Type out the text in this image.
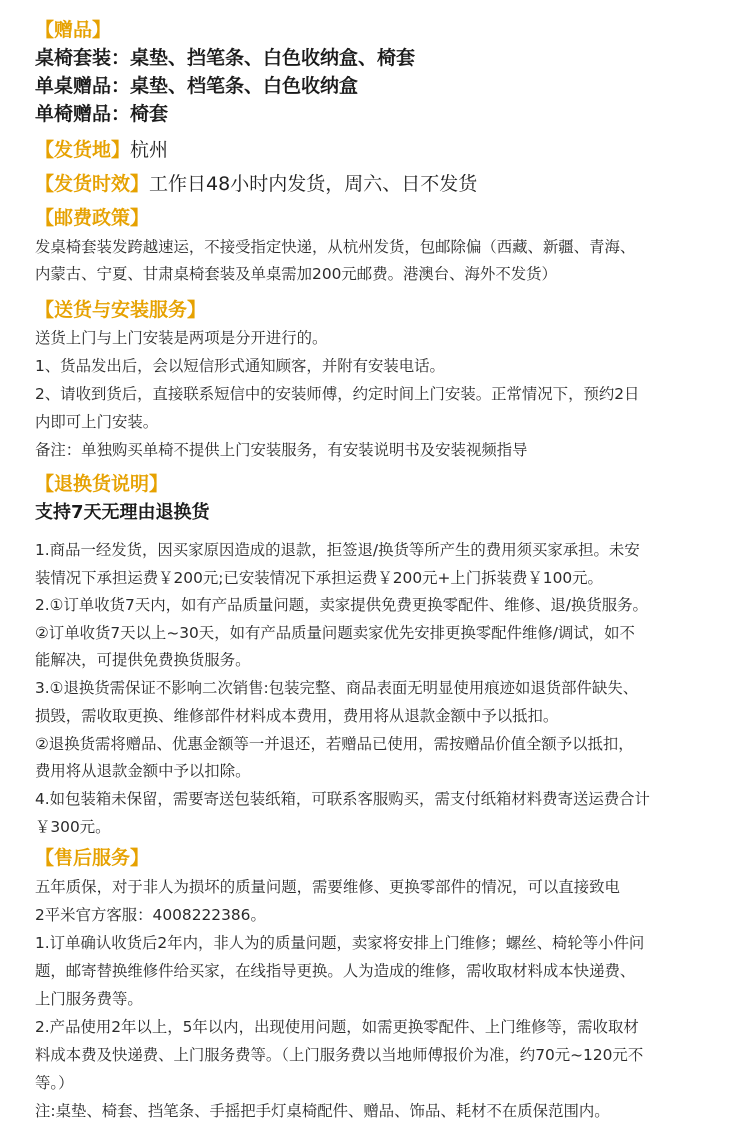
【赠品】
桌椅套装：桌垫、挡笔条、白色收纳盒、椅套
单桌赠品：桌垫、档笔条、白色收纳盒
单椅赠品：椅套
【发货地】杭州
【发货时效】工作日48小时内发货，周六、日不发货
【邮费政策】
发桌椅套装发跨越速运，不接受指定快递，从杭州发货，包邮除偏（西藏、新疆、青海、
内蒙古、宁夏、甘肃桌椅套装及单桌需加200元邮费。港澳台、海外不发货）
【送货与安装服务】
送货上门与上门安装是两项是分开进行的。
1、货品发出后，会以短信形式通知顾客，并附有安装电话。
2、请收到货后，直接联系短信中的安装师傅，约定时间上门安装。正常情况下，预约2日
内即可上门安装。
备注：单独购买单椅不提供上门安装服务，有安装说明书及安装视频指导
【退换货说明】
支持7天无理由退换货
1.商品一经发货，因买家原因造成的退款，拒签退/换货等所产生的费用须买家承担。未安
装情况下承担运费￥200元;已安装情况下承担运费￥200元+上门拆装费￥100元。
2.①订单收货7天内，如有产品质量问题，卖家提供免费更换零配件、维修、退/换货服务。
②订单收货7天以上~30天，如有产品质量问题卖家优先安排更换零配件维修/调试，如不
能解决，可提供免费换货服务。
3.①退换货需保证不影响二次销售:包装完整、商品表面无明显使用痕迹如退货部件缺失、
损毁，需收取更换、维修部件材料成本费用，费用将从退款金额中予以抵扣。
②退换货需将赠品、优惠金额等一并退还，若赠品已使用，需按赠品价值全额予以抵扣，
费用将从退款金额中予以扣除。
4.如包装箱未保留，需要寄送包装纸箱，可联系客服购买，需支付纸箱材料费寄送运费合计
￥300元。
【售后服务】
五年质保，对于非人为损坏的质量问题，需要维修、更换零部件的情况，可以直接致电
2平米官方客服：4008222386。
1.订单确认收货后2年内，非人为的质量问题，卖家将安排上门维修；螺丝、椅轮等小件问
题，邮寄替换维修件给买家，在线指导更换。人为造成的维修，需收取材料成本快递费、
上门服务费等。
2.产品使用2年以上，5年以内，出现使用问题，如需更换零配件、上门维修等，需收取材
料成本费及快递费、上门服务费等。（上门服务费以当地师傅报价为准，约70元~120元不
等。）
注:桌垫、椅套、挡笔条、手摇把手灯桌椅配件、赠品、饰品、耗材不在质保范围内。
